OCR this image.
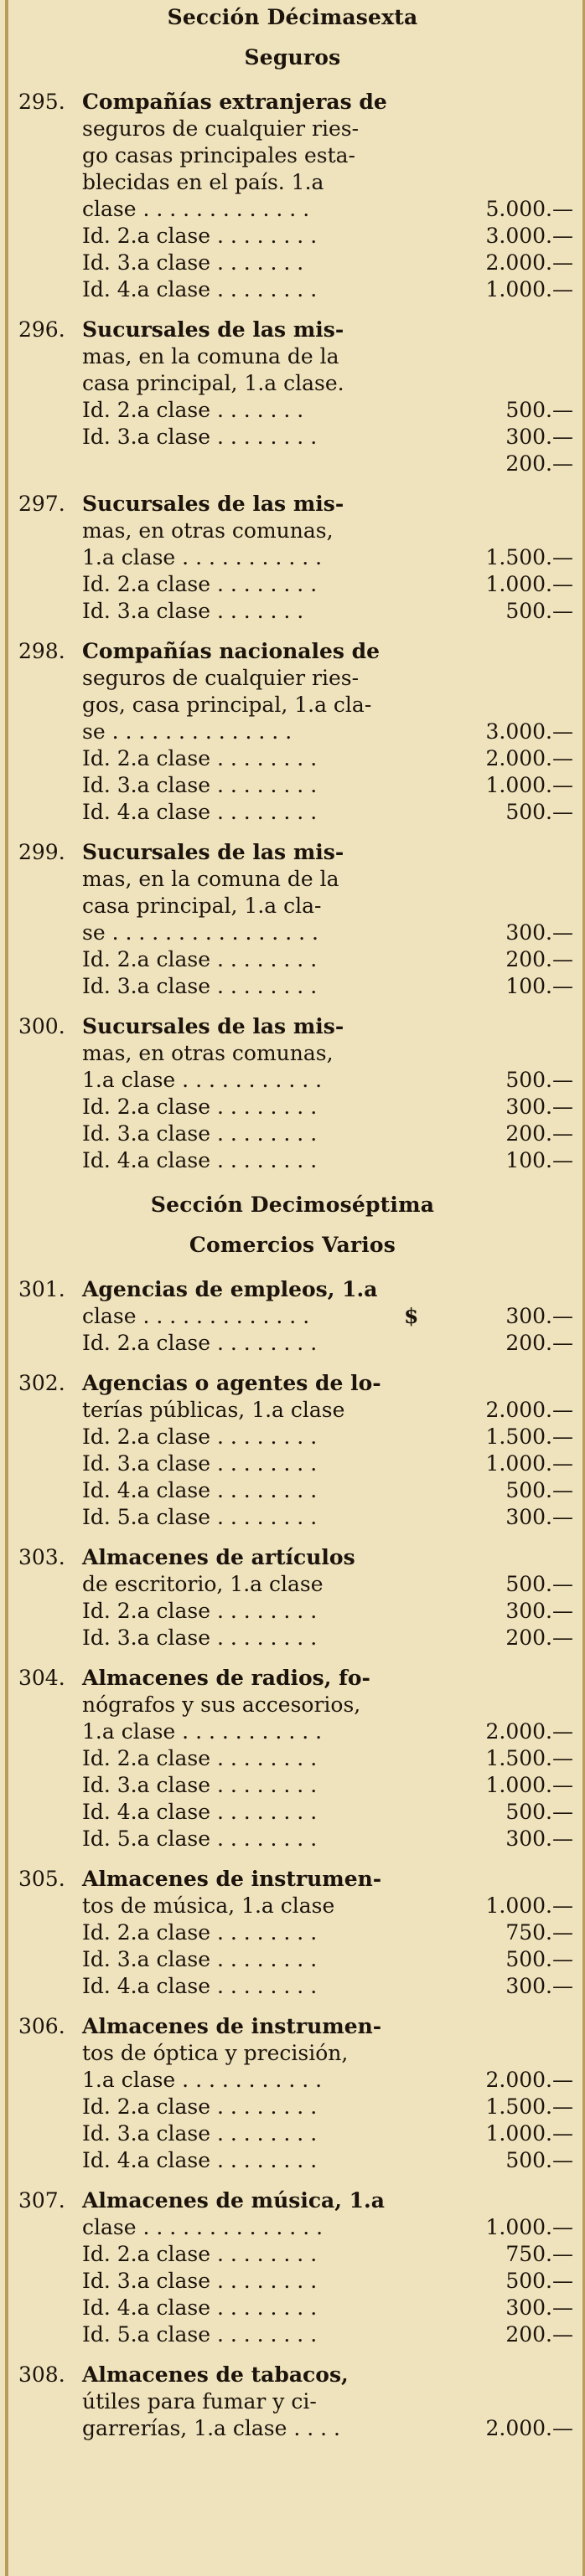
Sección Décimasexta
Seguros
295. Compañías extranjeras de
seguros de cualquier ries-
go casas principales esta-
blecidas en el país. 1.a
clase . . . . . . . . . . . . .	5.000.—
Id. 2.a clase . . . . . . . .	3.000.—
Id. 3.a clase . . . . . . .	2.000.—
Id. 4.a clase . . . . . . . .	1.000.—
296. Sucursales de las mis-
mas, en la comuna de la
casa principal, 1.a clase.
Id. 2.a clase . . . . . . .	500.—
Id. 3.a clase . . . . . . . .	300.—
200.—
297. Sucursales de las mis-
mas, en otras comunas,
1.a clase . . . . . . . . . . .	1.500.—
Id. 2.a clase . . . . . . . .	1.000.—
Id. 3.a clase . . . . . . .	500.—
298. Compañías nacionales de
seguros de cualquier ries-
gos, casa principal, 1.a cla-
se . . . . . . . . . . . . . .	3.000.—
Id. 2.a clase . . . . . . . .	2.000.—
Id. 3.a clase . . . . . . . .	1.000.—
Id. 4.a clase . . . . . . . .	500.—
299. Sucursales de las mis-
mas, en la comuna de la
casa principal, 1.a cla-
se . . . . . . . . . . . . . . . .	300.—
Id. 2.a clase . . . . . . . .	200.—
Id. 3.a clase . . . . . . . .	100.—
300. Sucursales de las mis-
mas, en otras comunas,
1.a clase . . . . . . . . . . .	500.—
Id. 2.a clase . . . . . . . .	300.—
Id. 3.a clase . . . . . . . .	200.—
Id. 4.a clase . . . . . . . .	100.—
Sección Decimoséptima
Comercios Varios
301. Agencias de empleos, 1.a
clase . . . . . . . . . . . . .	$	300.—
Id. 2.a clase . . . . . . . .	200.—
302. Agencias o agentes de lo-
terías públicas, 1.a clase	2.000.—
Id. 2.a clase . . . . . . . .	1.500.—
Id. 3.a clase . . . . . . . .	1.000.—
Id. 4.a clase . . . . . . . .	500.—
Id. 5.a clase . . . . . . . .	300.—
303. Almacenes de artículos
de escritorio, 1.a clase	500.—
Id. 2.a clase . . . . . . . .	300.—
Id. 3.a clase . . . . . . . .	200.—
304. Almacenes de radios, fo-
nógrafos y sus accesorios,
1.a clase . . . . . . . . . . .	2.000.—
Id. 2.a clase . . . . . . . .	1.500.—
Id. 3.a clase . . . . . . . .	1.000.—
Id. 4.a clase . . . . . . . .	500.—
Id. 5.a clase . . . . . . . .	300.—
305. Almacenes de instrumen-
tos de música, 1.a clase	1.000.—
Id. 2.a clase . . . . . . . .	750.—
Id. 3.a clase . . . . . . . .	500.—
Id. 4.a clase . . . . . . . .	300.—
306. Almacenes de instrumen-
tos de óptica y precisión,
1.a clase . . . . . . . . . . .	2.000.—
Id. 2.a clase . . . . . . . .	1.500.—
Id. 3.a clase . . . . . . . .	1.000.—
Id. 4.a clase . . . . . . . .	500.—
307. Almacenes de música, 1.a
clase . . . . . . . . . . . . . .	1.000.—
Id. 2.a clase . . . . . . . .	750.—
Id. 3.a clase . . . . . . . .	500.—
Id. 4.a clase . . . . . . . .	300.—
Id. 5.a clase . . . . . . . .	200.—
308. Almacenes de tabacos,
útiles para fumar y ci-
garrerías, 1.a clase . . . .	2.000.—
